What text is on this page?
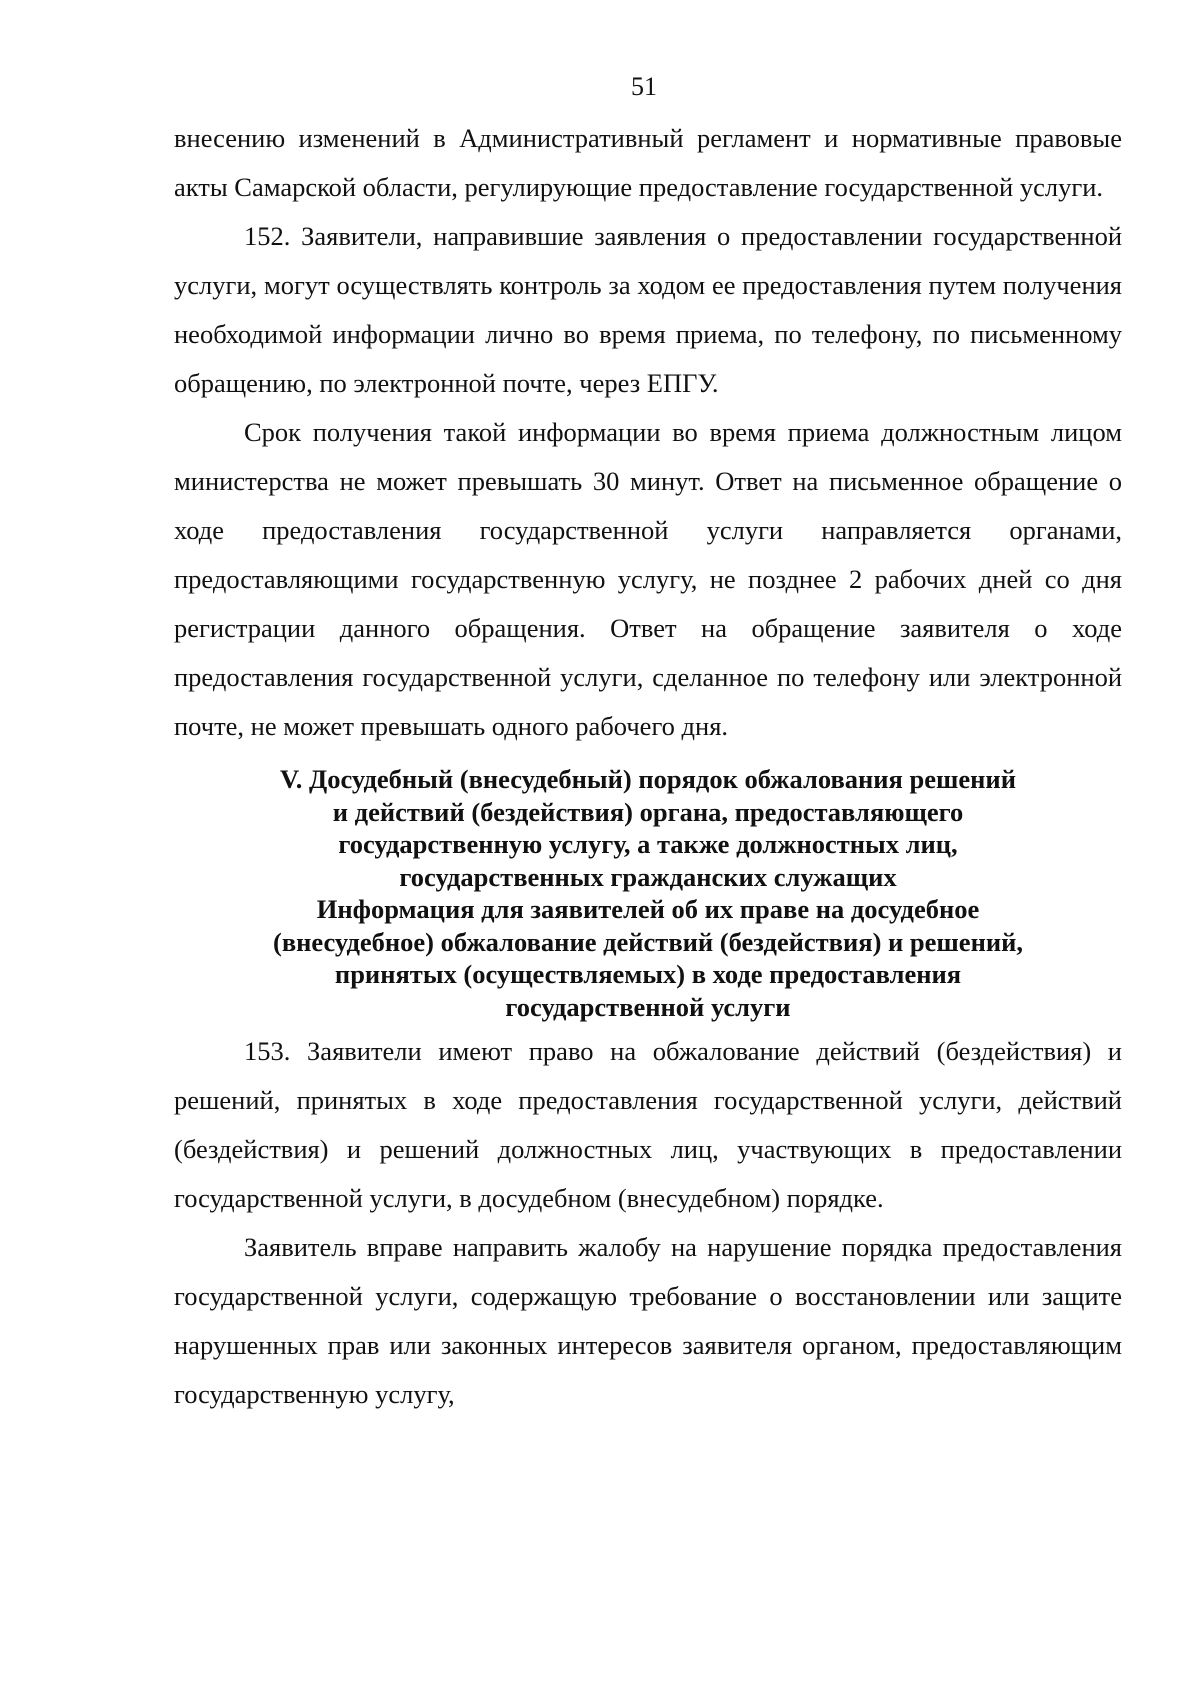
51

внесению изменений в Административный регламент и нормативные правовые акты Самарской области, регулирующие предоставление государственной услуги.

152. Заявители, направившие заявления о предоставлении государственной услуги, могут осуществлять контроль за ходом ее предоставления путем получения необходимой информации лично во время приема, по телефону, по письменному обращению, по электронной почте, через ЕПГУ.

Срок получения такой информации во время приема должностным лицом министерства не может превышать 30 минут. Ответ на письменное обращение о ходе предоставления государственной услуги направляется органами, предоставляющими государственную услугу, не позднее 2 рабочих дней со дня регистрации данного обращения. Ответ на обращение заявителя о ходе предоставления государственной услуги, сделанное по телефону или электронной почте, не может превышать одного рабочего дня.

V. Досудебный (внесудебный) порядок обжалования решений
и действий (бездействия) органа, предоставляющего
государственную услугу, а также должностных лиц,
государственных гражданских служащих
Информация для заявителей об их праве на досудебное
(внесудебное) обжалование действий (бездействия) и решений,
принятых (осуществляемых) в ходе предоставления
государственной услуги

153. Заявители имеют право на обжалование действий (бездействия) и решений, принятых в ходе предоставления государственной услуги, действий (бездействия) и решений должностных лиц, участвующих в предоставлении государственной услуги, в досудебном (внесудебном) порядке.

Заявитель вправе направить жалобу на нарушение порядка предоставления государственной услуги, содержащую требование о восстановлении или защите нарушенных прав или законных интересов заявителя органом, предоставляющим государственную услугу,
